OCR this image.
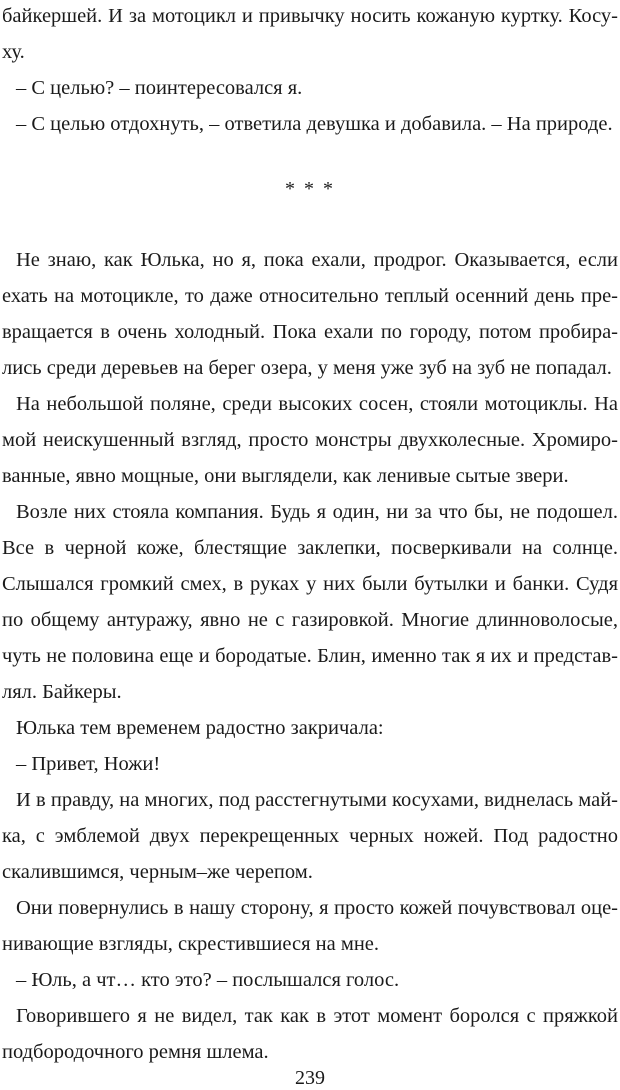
байкершей. И за мотоцикл и привычку носить кожаную куртку. Косу-
ху.
– С целью? – поинтересовался я.
– С целью отдохнуть, – ответила девушка и добавила. – На природе.
* * *
Не знаю, как Юлька, но я, пока ехали, продрог. Оказывается, если
ехать на мотоцикле, то даже относительно теплый осенний день пре-
вращается в очень холодный. Пока ехали по городу, потом пробира-
лись среди деревьев на берег озера, у меня уже зуб на зуб не попадал.
На небольшой поляне, среди высоких сосен, стояли мотоциклы. На
мой неискушенный взгляд, просто монстры двухколесные. Хромиро-
ванные, явно мощные, они выглядели, как ленивые сытые звери.
Возле них стояла компания. Будь я один, ни за что бы, не подошел.
Все в черной коже, блестящие заклепки, посверкивали на солнце.
Слышался громкий смех, в руках у них были бутылки и банки. Судя
по общему антуражу, явно не с газировкой. Многие длинноволосые,
чуть не половина еще и бородатые. Блин, именно так я их и представ-
лял. Байкеры.
Юлька тем временем радостно закричала:
– Привет, Ножи!
И в правду, на многих, под расстегнутыми косухами, виднелась май-
ка, с эмблемой двух перекрещенных черных ножей. Под радостно
скалившимся, черным–же черепом.
Они повернулись в нашу сторону, я просто кожей почувствовал оце-
нивающие взгляды, скрестившиеся на мне.
– Юль, а чт… кто это? – послышался голос.
Говорившего я не видел, так как в этот момент боролся с пряжкой
подбородочного ремня шлема.
239
